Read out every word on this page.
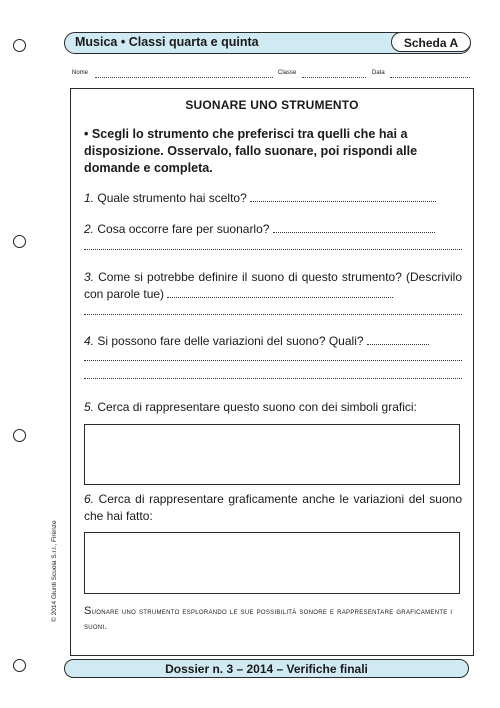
Musica • Classi quarta e quinta	Scheda A
Nome	Classe	Data
SUONARE UNO STRUMENTO
• Scegli lo strumento che preferisci tra quelli che hai a disposizione. Osservalo, fallo suonare, poi rispondi alle domande e completa.
1. Quale strumento hai scelto?
2. Cosa occorre fare per suonarlo?
3. Come si potrebbe definire il suono di questo strumento? (Descrivilo con parole tue)
4. Si possono fare delle variazioni del suono? Quali?
5. Cerca di rappresentare questo suono con dei simboli grafici:
6. Cerca di rappresentare graficamente anche le variazioni del suono che hai fatto:
Suonare uno strumento esplorando le sue possibilità sonore e rappresentare graficamente i suoni.
Dossier n. 3 – 2014 – Verifiche finali
© 2014 Giunti Scuola S.r.l., Firenze
